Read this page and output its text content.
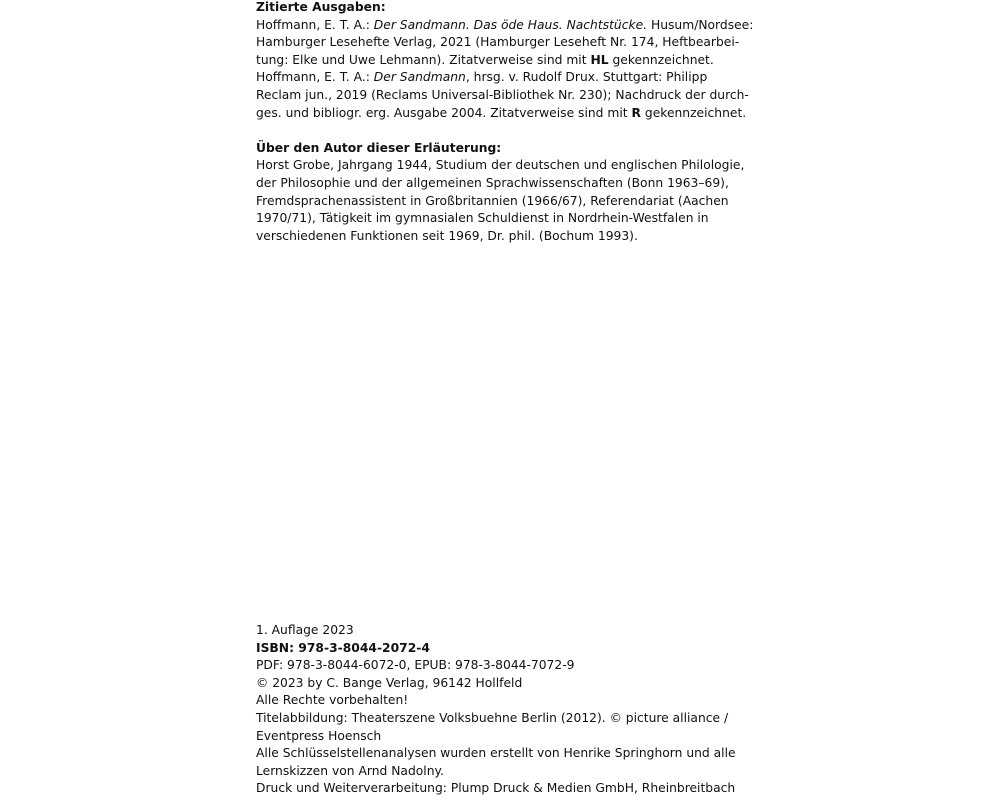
Zitierte Ausgaben:
Hoffmann, E. T. A.: Der Sandmann. Das öde Haus. Nachtstücke. Husum/Nordsee:
Hamburger Lesehefte Verlag, 2021 (Hamburger Leseheft Nr. 174, Heftbearbei-
tung: Elke und Uwe Lehmann). Zitatverweise sind mit HL gekennzeichnet.
Hoffmann, E. T. A.: Der Sandmann, hrsg. v. Rudolf Drux. Stuttgart: Philipp
Reclam jun., 2019 (Reclams Universal-Bibliothek Nr. 230); Nachdruck der durch-
ges. und bibliogr. erg. Ausgabe 2004. Zitatverweise sind mit R gekennzeichnet.
Über den Autor dieser Erläuterung:
Horst Grobe, Jahrgang 1944, Studium der deutschen und englischen Philologie,
der Philosophie und der allgemeinen Sprachwissenschaften (Bonn 1963–69),
Fremdsprachenassistent in Großbritannien (1966/67), Referendariat (Aachen
1970/71), Tätigkeit im gymnasialen Schuldienst in Nordrhein-Westfalen in
verschiedenen Funktionen seit 1969, Dr. phil. (Bochum 1993).
1. Auflage 2023
ISBN: 978-3-8044-2072-4
PDF: 978-3-8044-6072-0, EPUB: 978-3-8044-7072-9
© 2023 by C. Bange Verlag, 96142 Hollfeld
Alle Rechte vorbehalten!
Titelabbildung: Theaterszene Volksbuehne Berlin (2012). © picture alliance /
Eventpress Hoensch
Alle Schlüsselstellenanalysen wurden erstellt von Henrike Springhorn und alle
Lernskizzen von Arnd Nadolny.
Druck und Weiterverarbeitung: Plump Druck & Medien GmbH, Rheinbreitbach
